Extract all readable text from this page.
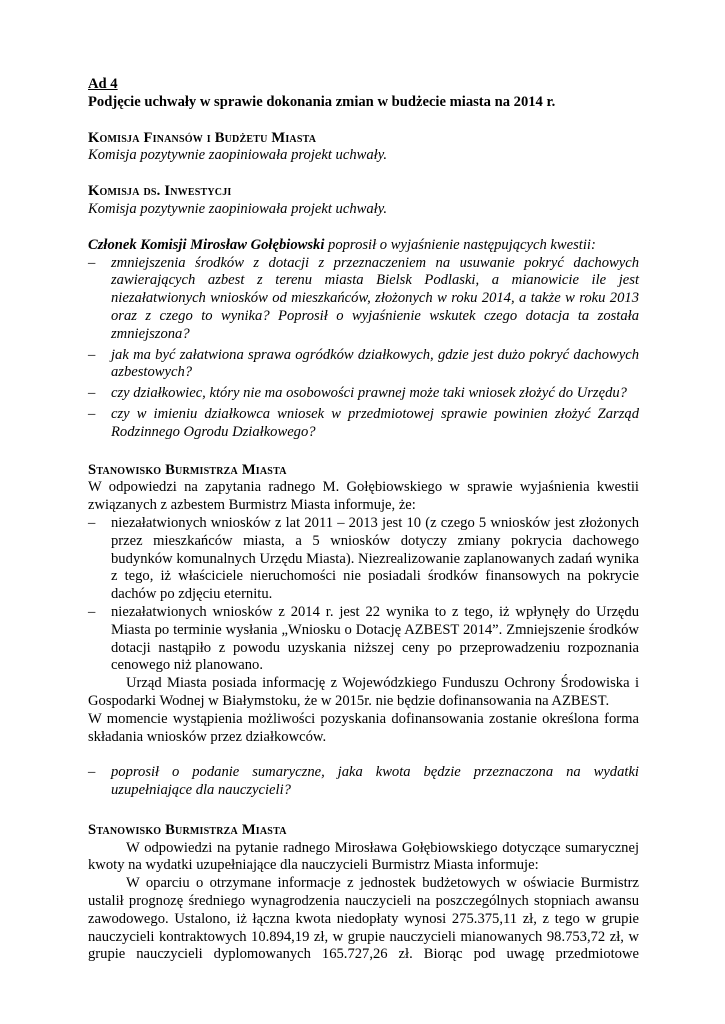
Ad 4

Podjęcie uchwały w sprawie dokonania zmian w budżecie miasta na 2014 r.

Komisja Finansów i Budżetu Miasta

Komisja pozytywnie zaopiniowała projekt uchwały.

Komisja ds. Inwestycji

Komisja pozytywnie zaopiniowała projekt uchwały.

Członek Komisji Mirosław Gołębiowski poprosił o wyjaśnienie następujących kwestii:

– zmniejszenia środków z dotacji z przeznaczeniem na usuwanie pokryć dachowych zawierających azbest z terenu miasta Bielsk Podlaski, a mianowicie ile jest niezałatwionych wniosków od mieszkańców, złożonych w roku 2014, a także w roku 2013 oraz z czego to wynika? Poprosił o wyjaśnienie wskutek czego dotacja ta została zmniejszona?
– jak ma być załatwiona sprawa ogródków działkowych, gdzie jest dużo pokryć dachowych azbestowych?
– czy działkowiec, który nie ma osobowości prawnej może taki wniosek złożyć do Urzędu?
– czy w imieniu działkowca wniosek w przedmiotowej sprawie powinien złożyć Zarząd Rodzinnego Ogrodu Działkowego?

Stanowisko Burmistrza Miasta

W odpowiedzi na zapytania radnego M. Gołębiowskiego w sprawie wyjaśnienia kwestii związanych z azbestem Burmistrz Miasta informuje, że:

– niezałatwionych wniosków z lat 2011 – 2013 jest 10 (z czego 5 wniosków jest złożonych przez mieszkańców miasta, a 5 wniosków dotyczy zmiany pokrycia dachowego budynków komunalnych Urzędu Miasta). Niezrealizowanie zaplanowanych zadań wynika z tego, iż właściciele nieruchomości nie posiadali środków finansowych na pokrycie dachów po zdjęciu eternitu.
– niezałatwionych wniosków z 2014 r. jest 22 wynika to z tego, iż wpłynęły do Urzędu Miasta po terminie wysłania „Wniosku o Dotację AZBEST 2014”. Zmniejszenie środków dotacji nastąpiło z powodu uzyskania niższej ceny po przeprowadzeniu rozpoznania cenowego niż planowano.

Urząd Miasta posiada informację z Wojewódzkiego Funduszu Ochrony Środowiska i Gospodarki Wodnej w Białymstoku, że w 2015r. nie będzie dofinansowania na AZBEST.

W momencie wystąpienia możliwości pozyskania dofinansowania zostanie określona forma składania wniosków przez działkowców.

– poprosił o podanie sumaryczne, jaka kwota będzie przeznaczona na wydatki uzupełniające dla nauczycieli?

Stanowisko Burmistrza Miasta

W odpowiedzi na pytanie radnego Mirosława Gołębiowskiego dotyczące sumarycznej kwoty na wydatki uzupełniające dla nauczycieli Burmistrz Miasta informuje:

W oparciu o otrzymane informacje z jednostek budżetowych w oświacie Burmistrz ustalił prognozę średniego wynagrodzenia nauczycieli na poszczególnych stopniach awansu zawodowego. Ustalono, iż łączna kwota niedopłaty wynosi 275.375,11 zł, z tego w grupie nauczycieli kontraktowych 10.894,19 zł, w grupie nauczycieli mianowanych 98.753,72 zł, w grupie nauczycieli dyplomowanych 165.727,26 zł. Biorąc pod uwagę przedmiotowe
